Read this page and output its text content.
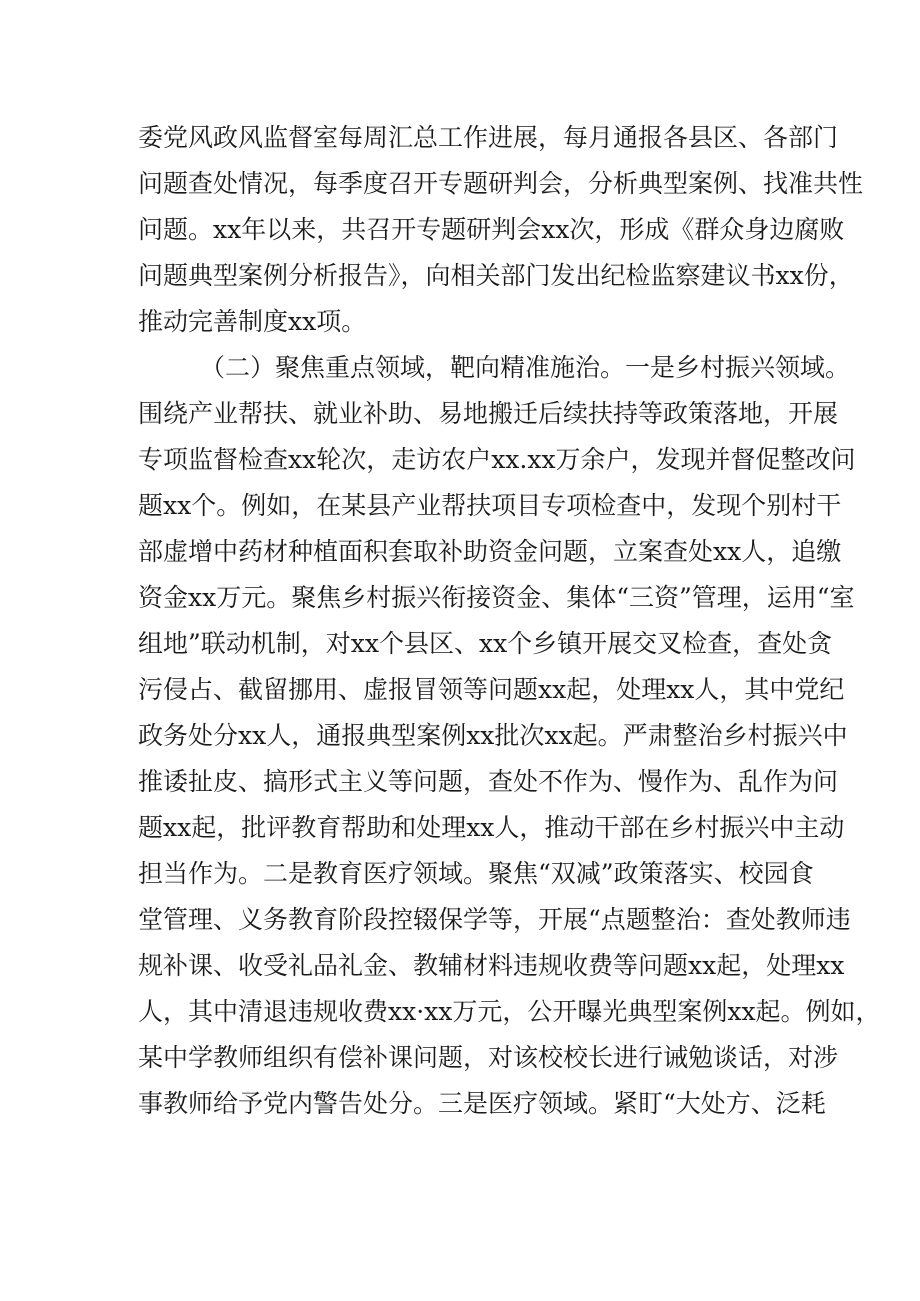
委党风政风监督室每周汇总工作进展，每月通报各县区、各部门
问题查处情况，每季度召开专题研判会，分析典型案例、找准共性
问题。xx年以来，共召开专题研判会xx次，形成《群众身边腐败
问题典型案例分析报告》，向相关部门发出纪检监察建议书xx份，
推动完善制度xx项。
（二）聚焦重点领域，靶向精准施治。一是乡村振兴领域。
围绕产业帮扶、就业补助、易地搬迁后续扶持等政策落地，开展
专项监督检查xx轮次，走访农户xx.xx万余户，发现并督促整改问
题xx个。例如，在某县产业帮扶项目专项检查中，发现个别村干
部虚增中药材种植面积套取补助资金问题，立案查处xx人，追缴
资金xx万元。聚焦乡村振兴衔接资金、集体“三资”管理，运用“室
组地”联动机制，对xx个县区、xx个乡镇开展交叉检查，查处贪
污侵占、截留挪用、虚报冒领等问题xx起，处理xx人，其中党纪
政务处分xx人，通报典型案例xx批次xx起。严肃整治乡村振兴中
推诿扯皮、搞形式主义等问题，查处不作为、慢作为、乱作为问
题xx起，批评教育帮助和处理xx人，推动干部在乡村振兴中主动
担当作为。二是教育医疗领域。聚焦“双减”政策落实、校园食
堂管理、义务教育阶段控辍保学等，开展“点题整治：查处教师违
规补课、收受礼品礼金、教辅材料违规收费等问题xx起，处理xx
人，其中清退违规收费xx·xx万元，公开曝光典型案例xx起。例如，
某中学教师组织有偿补课问题，对该校校长进行诫勉谈话，对涉
事教师给予党内警告处分。三是医疗领域。紧盯“大处方、泛耗
